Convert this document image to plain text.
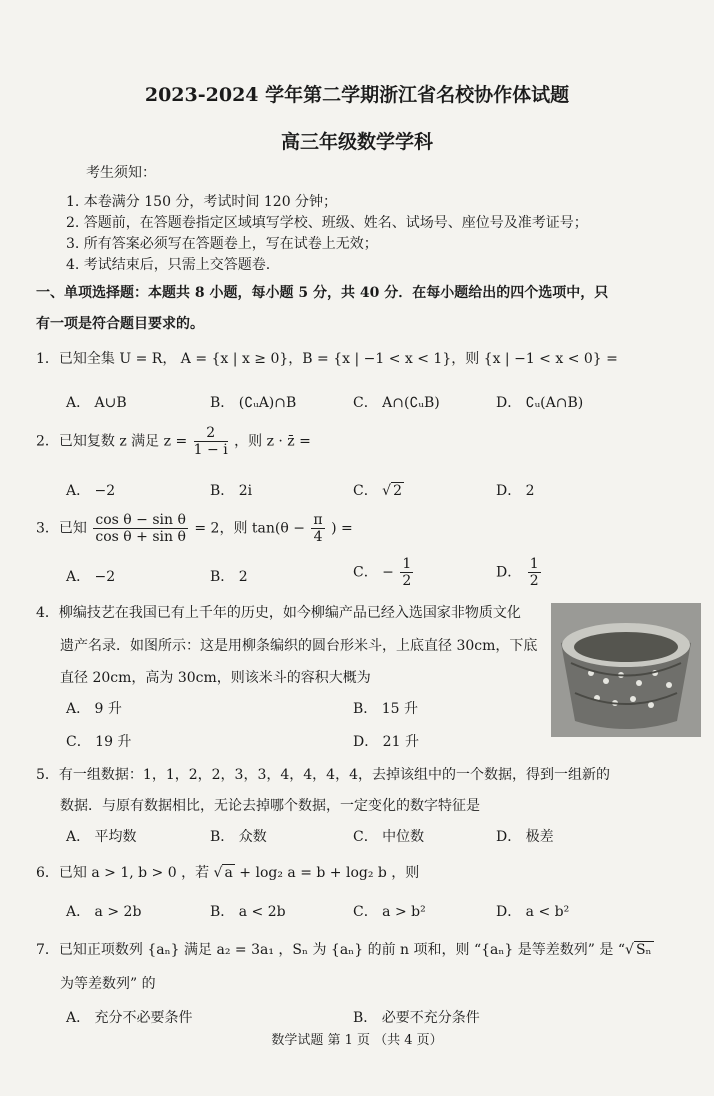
2023-2024 学年第二学期浙江省名校协作体试题
高三年级数学学科
考生须知：
1. 本卷满分 150 分，考试时间 120 分钟；
2. 答题前，在答题卷指定区域填写学校、班级、姓名、试场号、座位号及准考证号；
3. 所有答案必须写在答题卷上，写在试卷上无效；
4. 考试结束后，只需上交答题卷.
一、单项选择题：本题共 8 小题，每小题 5 分，共 40 分．在每小题给出的四个选项中，只
有一项是符合题目要求的。
1．已知全集 U = R， A = {x | x ≥ 0}，B = {x | −1 < x < 1}，则 {x | −1 < x < 0} =
A． A∪B	B． (∁ᵤA)∩B	C． A∩(∁ᵤB)	D． ∁ᵤ(A∩B)
2．已知复数 z 满足 $z = \frac{2}{1 - i}$ ，则 z · z̄ =
A． −2	B． 2i	C． √ 2	D． 2
3．已知 $\frac{\text{cos θ − sin θ}}{\text{cos θ + sin θ}} = 2$，则 $\tan(\theta - \frac{\pi}{4}$ ) =
A． −2	B． 2	C． − $\frac{1}{2}$	D． $\frac{1}{2}$
4．柳编技艺在我国已有上千年的历史，如今柳编产品已经入选国家非物质文化
遗产名录．如图所示：这是用柳条编织的圆台形米斗，上底直径 30cm，下底
直径 20cm，高为 30cm，则该米斗的容积大概为
A． 9 升	B． 15 升
C． 19 升	D． 21 升
5．有一组数据：1，1，2，2，3，3，4，4，4，4，去掉该组中的一个数据，得到一组新的
数据．与原有数据相比，无论去掉哪个数据，一定变化的数字特征是
A． 平均数	B． 众数	C． 中位数	D． 极差
6．已知 a > 1, b > 0 ，若 √ a + log₂ a = b + log₂ b ，则
A． a > 2b	B． a < 2b	C． a > b²	D． a < b²
7．已知正项数列 {aₙ} 满足 a₂ = 3a₁ ，Sₙ 为 {aₙ} 的前 n 项和，则 “{aₙ} 是等差数列” 是 “√ Sₙ
为等差数列” 的
A． 充分不必要条件	B． 必要不充分条件
数学试题 第 1 页 （共 4 页）
